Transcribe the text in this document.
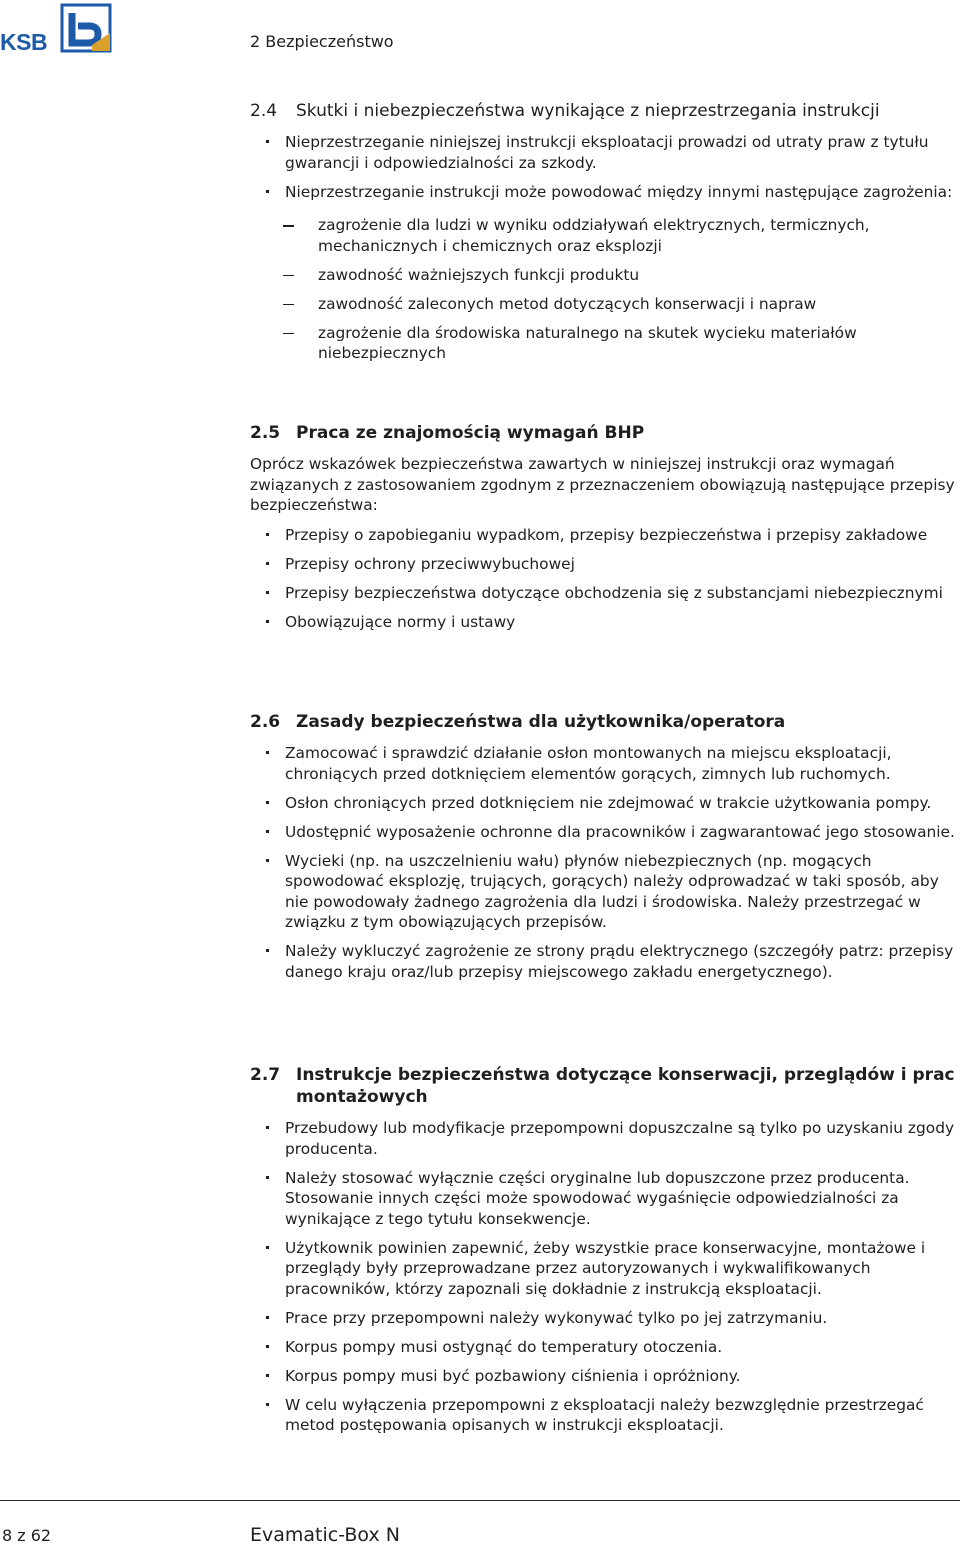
KSB	2 Bezpieczeństwo
2.4	Skutki i niebezpieczeństwa wynikające z nieprzestrzegania instrukcji
Nieprzestrzeganie niniejszej instrukcji eksploatacji prowadzi od utraty praw z tytułu gwarancji i odpowiedzialności za szkody.
Nieprzestrzeganie instrukcji może powodować między innymi następujące zagrożenia:
zagrożenie dla ludzi w wyniku oddziaływań elektrycznych, termicznych, mechanicznych i chemicznych oraz eksplozji
zawodność ważniejszych funkcji produktu
zawodność zaleconych metod dotyczących konserwacji i napraw
zagrożenie dla środowiska naturalnego na skutek wycieku materiałów niebezpiecznych
2.5 Praca ze znajomością wymagań BHP

Oprócz wskazówek bezpieczeństwa zawartych w niniejszej instrukcji oraz wymagań związanych z zastosowaniem zgodnym z przeznaczeniem obowiązują następujące przepisy bezpieczeństwa:

Przepisy o zapobieganiu wypadkom, przepisy bezpieczeństwa i przepisy zakładowe
Przepisy ochrony przeciwwybuchowej
Przepisy bezpieczeństwa dotyczące obchodzenia się z substancjami niebezpiecznymi
Obowiązujące normy i ustawy
2.6 Zasady bezpieczeństwa dla użytkownika/operatora
Zamocować i sprawdzić działanie osłon montowanych na miejscu eksploatacji, chroniących przed dotknięciem elementów gorących, zimnych lub ruchomych.
Osłon chroniących przed dotknięciem nie zdejmować w trakcie użytkowania pompy.
Udostępnić wyposażenie ochronne dla pracowników i zagwarantować jego stosowanie.
Wycieki (np. na uszczelnieniu wału) płynów niebezpiecznych (np. mogących spowodować eksplozję, trujących, gorących) należy odprowadzać w taki sposób, aby nie powodowały żadnego zagrożenia dla ludzi i środowiska. Należy przestrzegać w związku z tym obowiązujących przepisów.
Należy wykluczyć zagrożenie ze strony prądu elektrycznego (szczegóły patrz: przepisy danego kraju oraz/lub przepisy miejscowego zakładu energetycznego).
2.7 Instrukcje bezpieczeństwa dotyczące konserwacji, przeglądów i prac montażowych
Przebudowy lub modyfikacje przepompowni dopuszczalne są tylko po uzyskaniu zgody producenta.
Należy stosować wyłącznie części oryginalne lub dopuszczone przez producenta. Stosowanie innych części może spowodować wygaśnięcie odpowiedzialności za wynikające z tego tytułu konsekwencje.
Użytkownik powinien zapewnić, żeby wszystkie prace konserwacyjne, montażowe i przeglądy były przeprowadzane przez autoryzowanych i wykwalifikowanych pracowników, którzy zapoznali się dokładnie z instrukcją eksploatacji.
Prace przy przepompowni należy wykonywać tylko po jej zatrzymaniu.
Korpus pompy musi ostygnąć do temperatury otoczenia.
Korpus pompy musi być pozbawiony ciśnienia i opróżniony.
W celu wyłączenia przepompowni z eksploatacji należy bezwzględnie przestrzegać metod postępowania opisanych w instrukcji eksploatacji.
8 z 62	Evamatic-Box N
